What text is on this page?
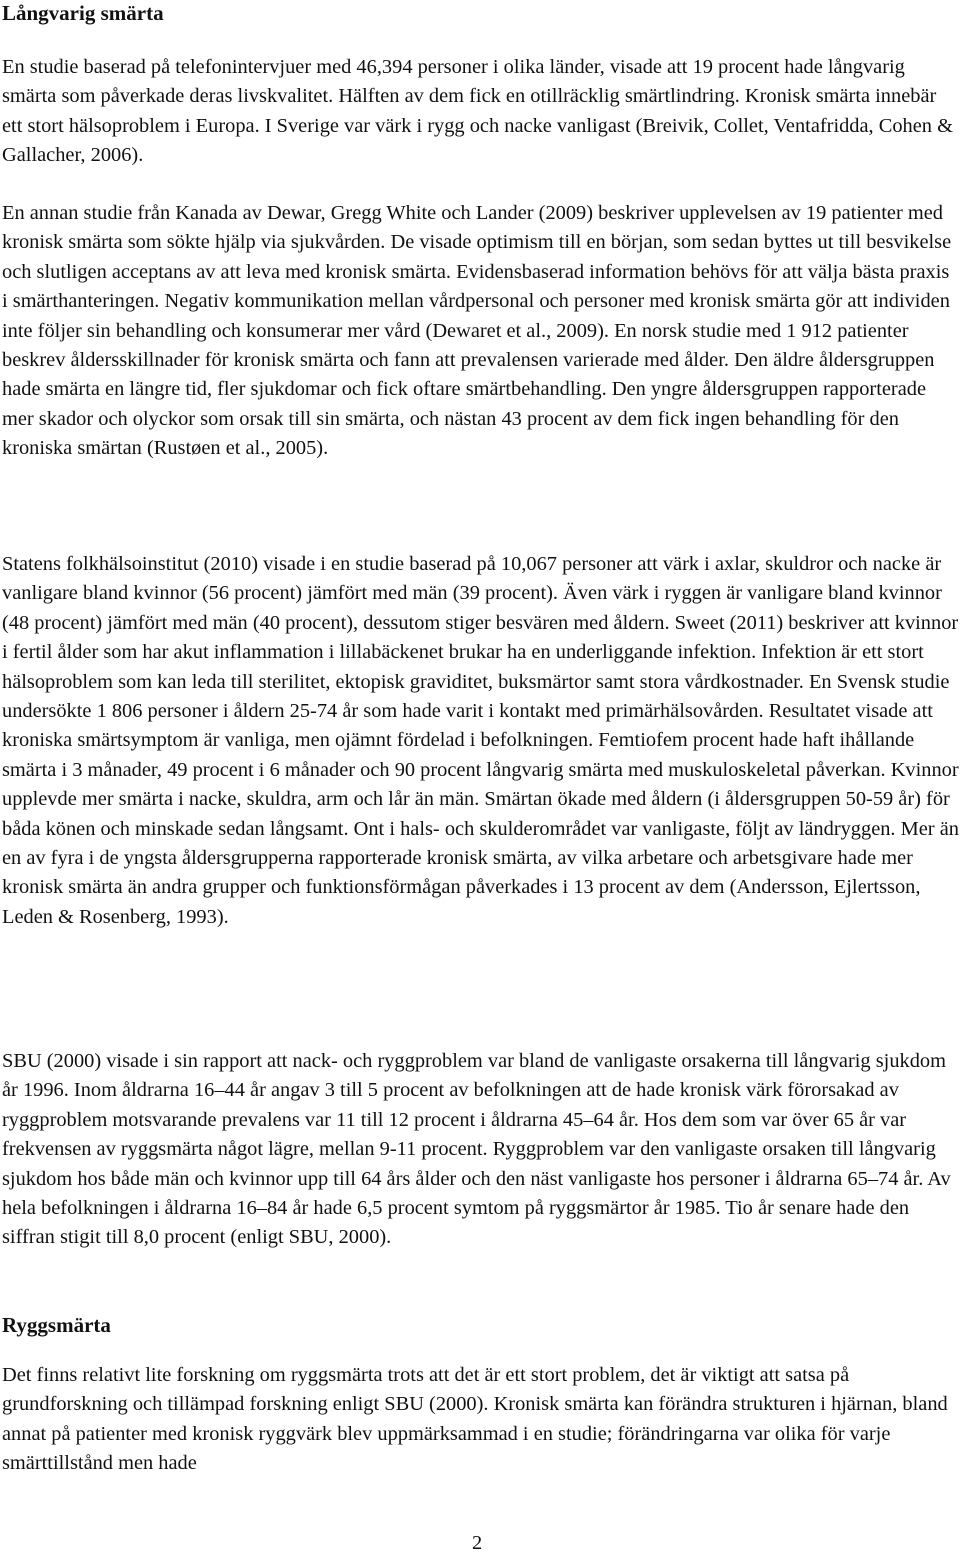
Långvarig smärta

En studie baserad på telefonintervjuer med 46,394 personer i olika länder, visade att 19 procent hade långvarig smärta som påverkade deras livskvalitet. Hälften av dem fick en otillräcklig smärtlindring. Kronisk smärta innebär ett stort hälsoproblem i Europa. I Sverige var värk i rygg och nacke vanligast (Breivik, Collet, Ventafridda, Cohen & Gallacher, 2006).

En annan studie från Kanada av Dewar, Gregg White och Lander (2009) beskriver upplevelsen av 19 patienter med kronisk smärta som sökte hjälp via sjukvården. De visade optimism till en början, som sedan byttes ut till besvikelse och slutligen acceptans av att leva med kronisk smärta. Evidensbaserad information behövs för att välja bästa praxis i smärthanteringen. Negativ kommunikation mellan vårdpersonal och personer med kronisk smärta gör att individen inte följer sin behandling och konsumerar mer vård (Dewaret et al., 2009). En norsk studie med 1 912 patienter beskrev åldersskillnader för kronisk smärta och fann att prevalensen varierade med ålder. Den äldre åldersgruppen hade smärta en längre tid, fler sjukdomar och fick oftare smärtbehandling. Den yngre åldersgruppen rapporterade mer skador och olyckor som orsak till sin smärta, och nästan 43 procent av dem fick ingen behandling för den kroniska smärtan (Rustøen et al., 2005).

Statens folkhälsoinstitut (2010) visade i en studie baserad på 10,067 personer att värk i axlar, skuldror och nacke är vanligare bland kvinnor (56 procent) jämfört med män (39 procent). Även värk i ryggen är vanligare bland kvinnor (48 procent) jämfört med män (40 procent), dessutom stiger besvären med åldern. Sweet (2011) beskriver att kvinnor i fertil ålder som har akut inflammation i lillabäckenet brukar ha en underliggande infektion. Infektion är ett stort hälsoproblem som kan leda till sterilitet, ektopisk graviditet, buksmärtor samt stora vårdkostnader. En Svensk studie undersökte 1 806 personer i åldern 25-74 år som hade varit i kontakt med primärhälsovården. Resultatet visade att kroniska smärtsymptom är vanliga, men ojämnt fördelad i befolkningen. Femtiofem procent hade haft ihållande smärta i 3 månader, 49 procent i 6 månader och 90 procent långvarig smärta med muskuloskeletal påverkan. Kvinnor upplevde mer smärta i nacke, skuldra, arm och lår än män. Smärtan ökade med åldern (i åldersgruppen 50-59 år) för båda könen och minskade sedan långsamt. Ont i hals- och skulderområdet var vanligaste, följt av ländryggen. Mer än en av fyra i de yngsta åldersgrupperna rapporterade kronisk smärta, av vilka arbetare och arbetsgivare hade mer kronisk smärta än andra grupper och funktionsförmågan påverkades i 13 procent av dem (Andersson, Ejlertsson, Leden & Rosenberg, 1993).

SBU (2000) visade i sin rapport att nack- och ryggproblem var bland de vanligaste orsakerna till långvarig sjukdom år 1996. Inom åldrarna 16–44 år angav 3 till 5 procent av befolkningen att de hade kronisk värk förorsakad av ryggproblem motsvarande prevalens var 11 till 12 procent i åldrarna 45–64 år. Hos dem som var över 65 år var frekvensen av ryggsmärta något lägre, mellan 9-11 procent. Ryggproblem var den vanligaste orsaken till långvarig sjukdom hos både män och kvinnor upp till 64 års ålder och den näst vanligaste hos personer i åldrarna 65–74 år. Av hela befolkningen i åldrarna 16–84 år hade 6,5 procent symtom på ryggsmärtor år 1985. Tio år senare hade den siffran stigit till 8,0 procent (enligt SBU, 2000).

Ryggsmärta

Det finns relativt lite forskning om ryggsmärta trots att det är ett stort problem, det är viktigt att satsa på grundforskning och tillämpad forskning enligt SBU (2000). Kronisk smärta kan förändra strukturen i hjärnan, bland annat på patienter med kronisk ryggvärk blev uppmärksammad i en studie; förändringarna var olika för varje smärttillstånd men hade

2
